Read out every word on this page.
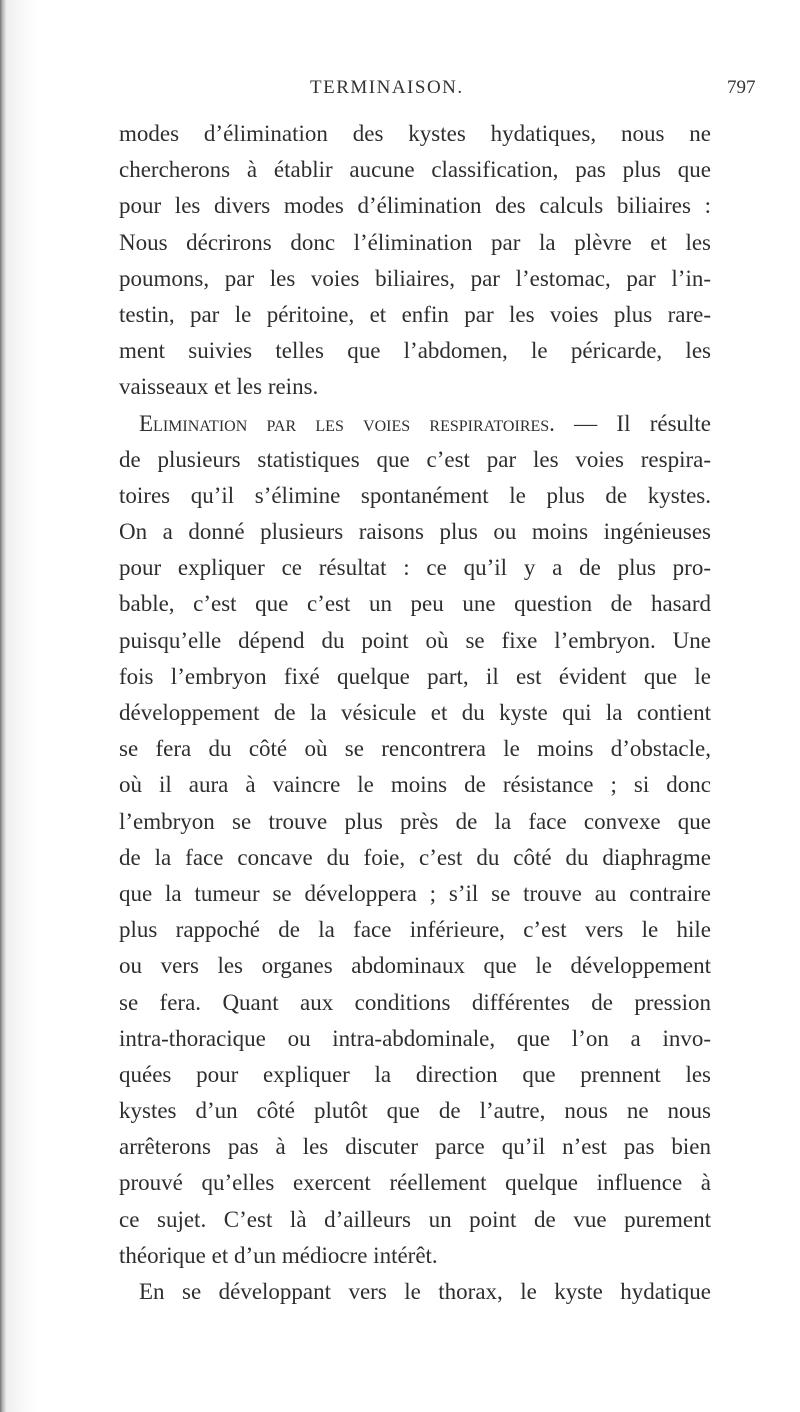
TERMINAISON.	797
modes d’élimination des kystes hydatiques, nous ne
chercherons à établir aucune classification, pas plus que
pour les divers modes d’élimination des calculs biliaires :
Nous décrirons donc l’élimination par la plèvre et les
poumons, par les voies biliaires, par l’estomac, par l’in-
testin, par le péritoine, et enfin par les voies plus rare-
ment suivies telles que l’abdomen, le péricarde, les
vaisseaux et les reins.
Elimination par les voies respiratoires. — Il résulte
de plusieurs statistiques que c’est par les voies respira-
toires qu’il s’élimine spontanément le plus de kystes.
On a donné plusieurs raisons plus ou moins ingénieuses
pour expliquer ce résultat : ce qu’il y a de plus pro-
bable, c’est que c’est un peu une question de hasard
puisqu’elle dépend du point où se fixe l’embryon. Une
fois l’embryon fixé quelque part, il est évident que le
développement de la vésicule et du kyste qui la contient
se fera du côté où se rencontrera le moins d’obstacle,
où il aura à vaincre le moins de résistance ; si donc
l’embryon se trouve plus près de la face convexe que
de la face concave du foie, c’est du côté du diaphragme
que la tumeur se développera ; s’il se trouve au contraire
plus rappoché de la face inférieure, c’est vers le hile
ou vers les organes abdominaux que le développement
se fera. Quant aux conditions différentes de pression
intra-thoracique ou intra-abdominale, que l’on a invo-
quées pour expliquer la direction que prennent les
kystes d’un côté plutôt que de l’autre, nous ne nous
arrêterons pas à les discuter parce qu’il n’est pas bien
prouvé qu’elles exercent réellement quelque influence à
ce sujet. C’est là d’ailleurs un point de vue purement
théorique et d’un médiocre intérêt.
En se développant vers le thorax, le kyste hydatique
